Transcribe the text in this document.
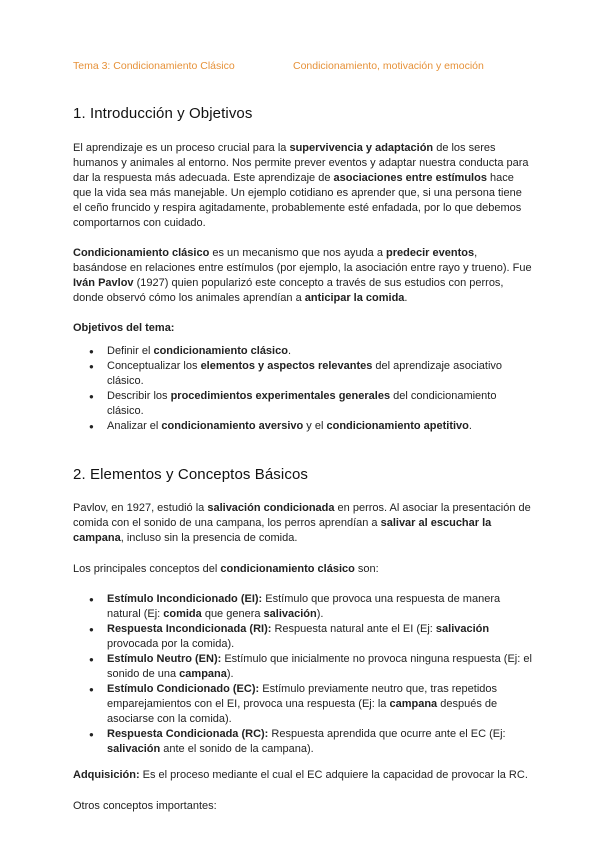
Tema 3: Condicionamiento Clásico	Condicionamiento, motivación y emoción
1. Introducción y Objetivos

El aprendizaje es un proceso crucial para la supervivencia y adaptación de los seres humanos y animales al entorno. Nos permite prever eventos y adaptar nuestra conducta para dar la respuesta más adecuada. Este aprendizaje de asociaciones entre estímulos hace que la vida sea más manejable. Un ejemplo cotidiano es aprender que, si una persona tiene el ceño fruncido y respira agitadamente, probablemente esté enfadada, por lo que debemos comportarnos con cuidado.

Condicionamiento clásico es un mecanismo que nos ayuda a predecir eventos, basándose en relaciones entre estímulos (por ejemplo, la asociación entre rayo y trueno). Fue Iván Pavlov (1927) quien popularizó este concepto a través de sus estudios con perros, donde observó cómo los animales aprendían a anticipar la comida.

Objetivos del tema:

● Definir el condicionamiento clásico.
● Conceptualizar los elementos y aspectos relevantes del aprendizaje asociativo clásico.
● Describir los procedimientos experimentales generales del condicionamiento clásico.
● Analizar el condicionamiento aversivo y el condicionamiento apetitivo.
2. Elementos y Conceptos Básicos

Pavlov, en 1927, estudió la salivación condicionada en perros. Al asociar la presentación de comida con el sonido de una campana, los perros aprendían a salivar al escuchar la campana, incluso sin la presencia de comida.

Los principales conceptos del condicionamiento clásico son:

● Estímulo Incondicionado (EI): Estímulo que provoca una respuesta de manera natural (Ej: comida que genera salivación).
● Respuesta Incondicionada (RI): Respuesta natural ante el EI (Ej: salivación provocada por la comida).
● Estímulo Neutro (EN): Estímulo que inicialmente no provoca ninguna respuesta (Ej: el sonido de una campana).
● Estímulo Condicionado (EC): Estímulo previamente neutro que, tras repetidos emparejamientos con el EI, provoca una respuesta (Ej: la campana después de asociarse con la comida).
● Respuesta Condicionada (RC): Respuesta aprendida que ocurre ante el EC (Ej: salivación ante el sonido de la campana).

Adquisición: Es el proceso mediante el cual el EC adquiere la capacidad de provocar la RC.

Otros conceptos importantes:
